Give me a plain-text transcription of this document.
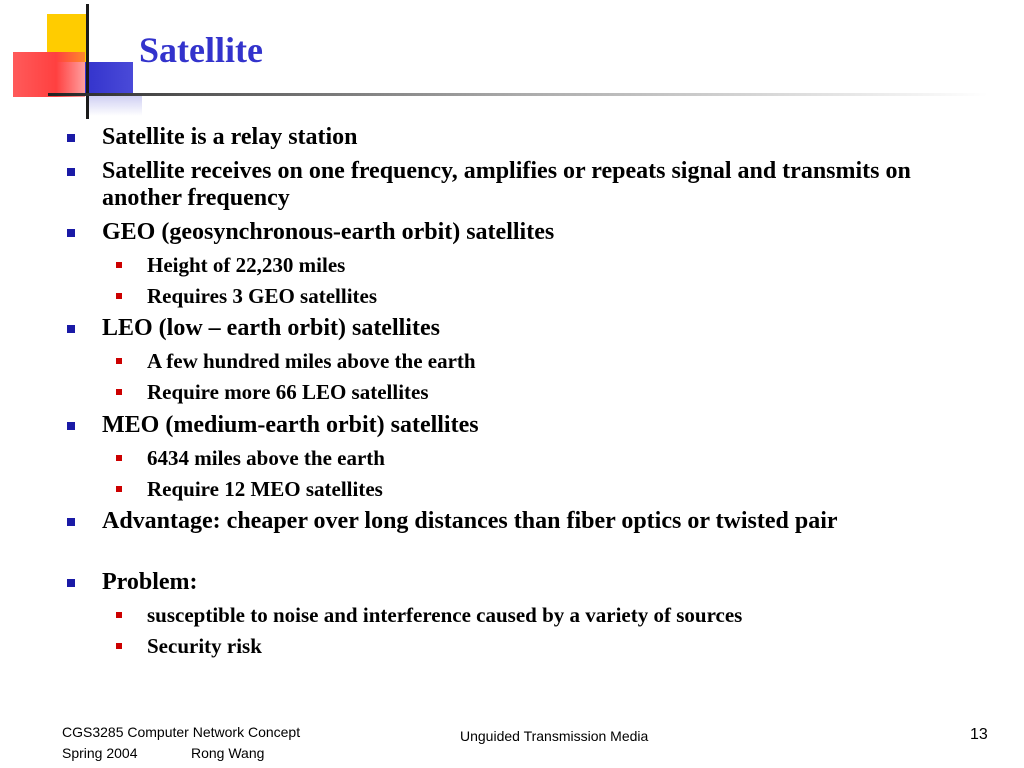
Satellite
Satellite is a relay station
Satellite receives on one frequency, amplifies or repeats signal and transmits on another frequency
GEO (geosynchronous-earth orbit) satellites
Height of 22,230 miles
Requires 3 GEO satellites
LEO (low – earth orbit) satellites
A few hundred miles above the earth
Require more 66 LEO satellites
MEO (medium-earth orbit) satellites
6434 miles above the earth
Require 12 MEO satellites
Advantage: cheaper over long distances than fiber optics or twisted pair
Problem:
susceptible to noise and interference caused by a variety of sources
Security risk
CGS3285 Computer Network Concept
Spring 2004	Rong Wang
Unguided Transmission Media	13
